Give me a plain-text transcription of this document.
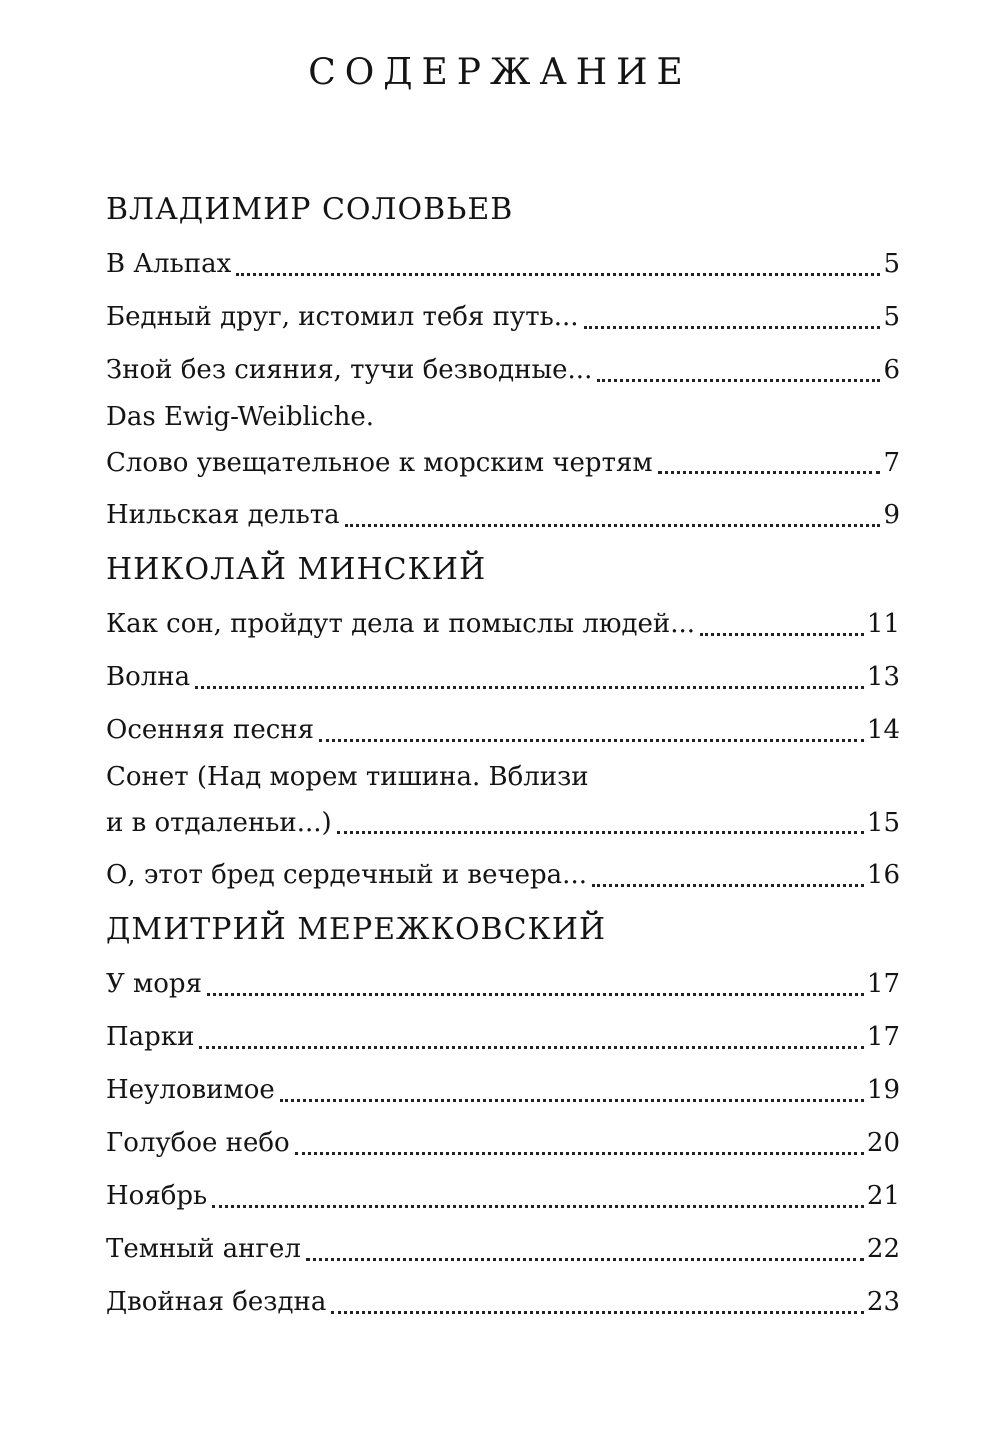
СОДЕРЖАНИЕ
ВЛАДИМИР СОЛОВЬЕВ
В Альпах	5
Бедный друг, истомил тебя путь...	5
Зной без сияния, тучи безводные...	6
Das Ewig-Weibliche.
Слово увещательное к морским чертям	7
Нильская дельта	9
НИКОЛАЙ МИНСКИЙ
Как сон, пройдут дела и помыслы людей...	11
Волна	13
Осенняя песня	14
Сонет (Над морем тишина. Вблизи
и в отдаленьи...)	15
О, этот бред сердечный и вечера...	16
ДМИТРИЙ МЕРЕЖКОВСКИЙ
У моря	17
Парки	17
Неуловимое	19
Голубое небо	20
Ноябрь	21
Темный ангел	22
Двойная бездна	23
